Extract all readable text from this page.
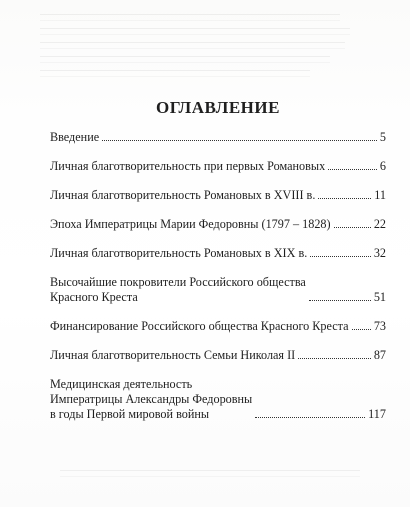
ОГЛАВЛЕНИЕ
Введение	5
Личная благотворительность при первых Романовых	6
Личная благотворительность Романовых в XVIII в.	11
Эпоха Императрицы Марии Федоровны (1797 – 1828)	22
Личная благотворительность Романовых в XIX в.	32
Высочайшие покровители Российского общества
Красного Креста	51
Финансирование Российского общества Красного Креста 73
Личная благотворительность Семьи Николая II	87
Медицинская деятельность
Императрицы Александры Федоровны
в годы Первой мировой войны	117
